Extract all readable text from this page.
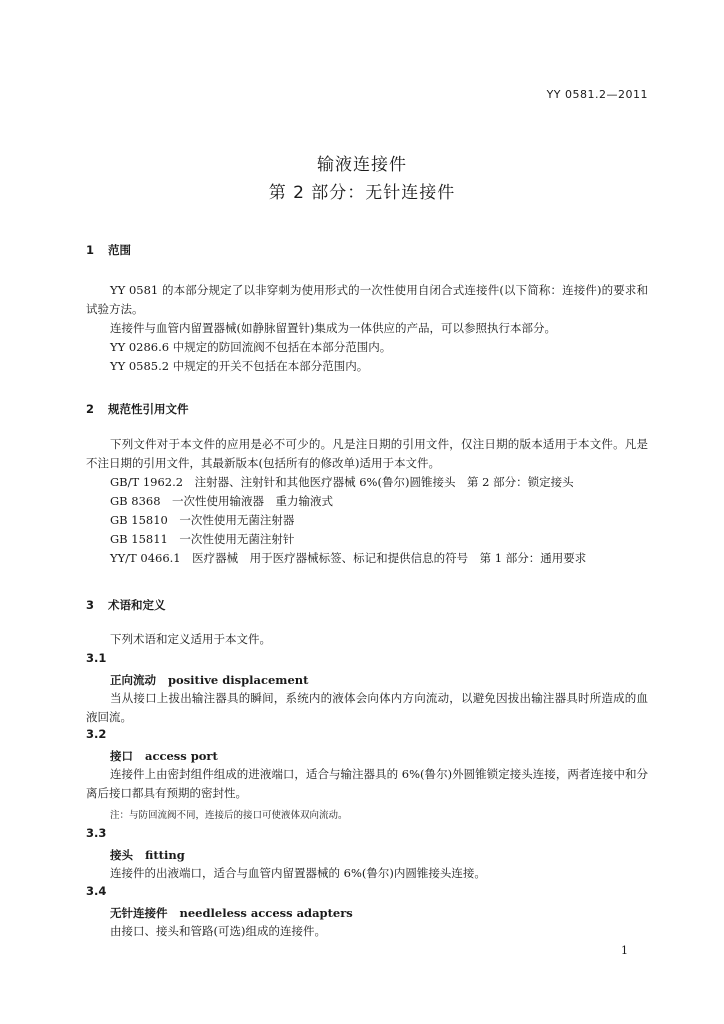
YY 0581.2—2011
输液连接件
第 2 部分：无针连接件
1 范围

YY 0581 的本部分规定了以非穿刺为使用形式的一次性使用自闭合式连接件(以下简称：连接件)的要求和试验方法。

连接件与血管内留置器械(如静脉留置针)集成为一体供应的产品，可以参照执行本部分。

YY 0286.6 中规定的防回流阀不包括在本部分范围内。

YY 0585.2 中规定的开关不包括在本部分范围内。

2 规范性引用文件

下列文件对于本文件的应用是必不可少的。凡是注日期的引用文件，仅注日期的版本适用于本文件。凡是不注日期的引用文件，其最新版本(包括所有的修改单)适用于本文件。

GB/T 1962.2　注射器、注射针和其他医疗器械 6%(鲁尔)圆锥接头　第 2 部分：锁定接头

GB 8368　一次性使用输液器　重力输液式

GB 15810　一次性使用无菌注射器

GB 15811　一次性使用无菌注射针

YY/T 0466.1　医疗器械　用于医疗器械标签、标记和提供信息的符号　第 1 部分：通用要求

3 术语和定义

下列术语和定义适用于本文件。

3.1
正向流动 positive displacement

当从接口上拔出输注器具的瞬间，系统内的液体会向体内方向流动，以避免因拔出输注器具时所造成的血液回流。

3.2
接口 access port

连接件上由密封组件组成的进液端口，适合与输注器具的 6%(鲁尔)外圆锥锁定接头连接，两者连接中和分离后接口都具有预期的密封性。

注：与防回流阀不同，连接后的接口可使液体双向流动。

3.3
接头 fitting

连接件的出液端口，适合与血管内留置器械的 6%(鲁尔)内圆锥接头连接。

3.4
无针连接件 needleless access adapters

由接口、接头和管路(可选)组成的连接件。

1
